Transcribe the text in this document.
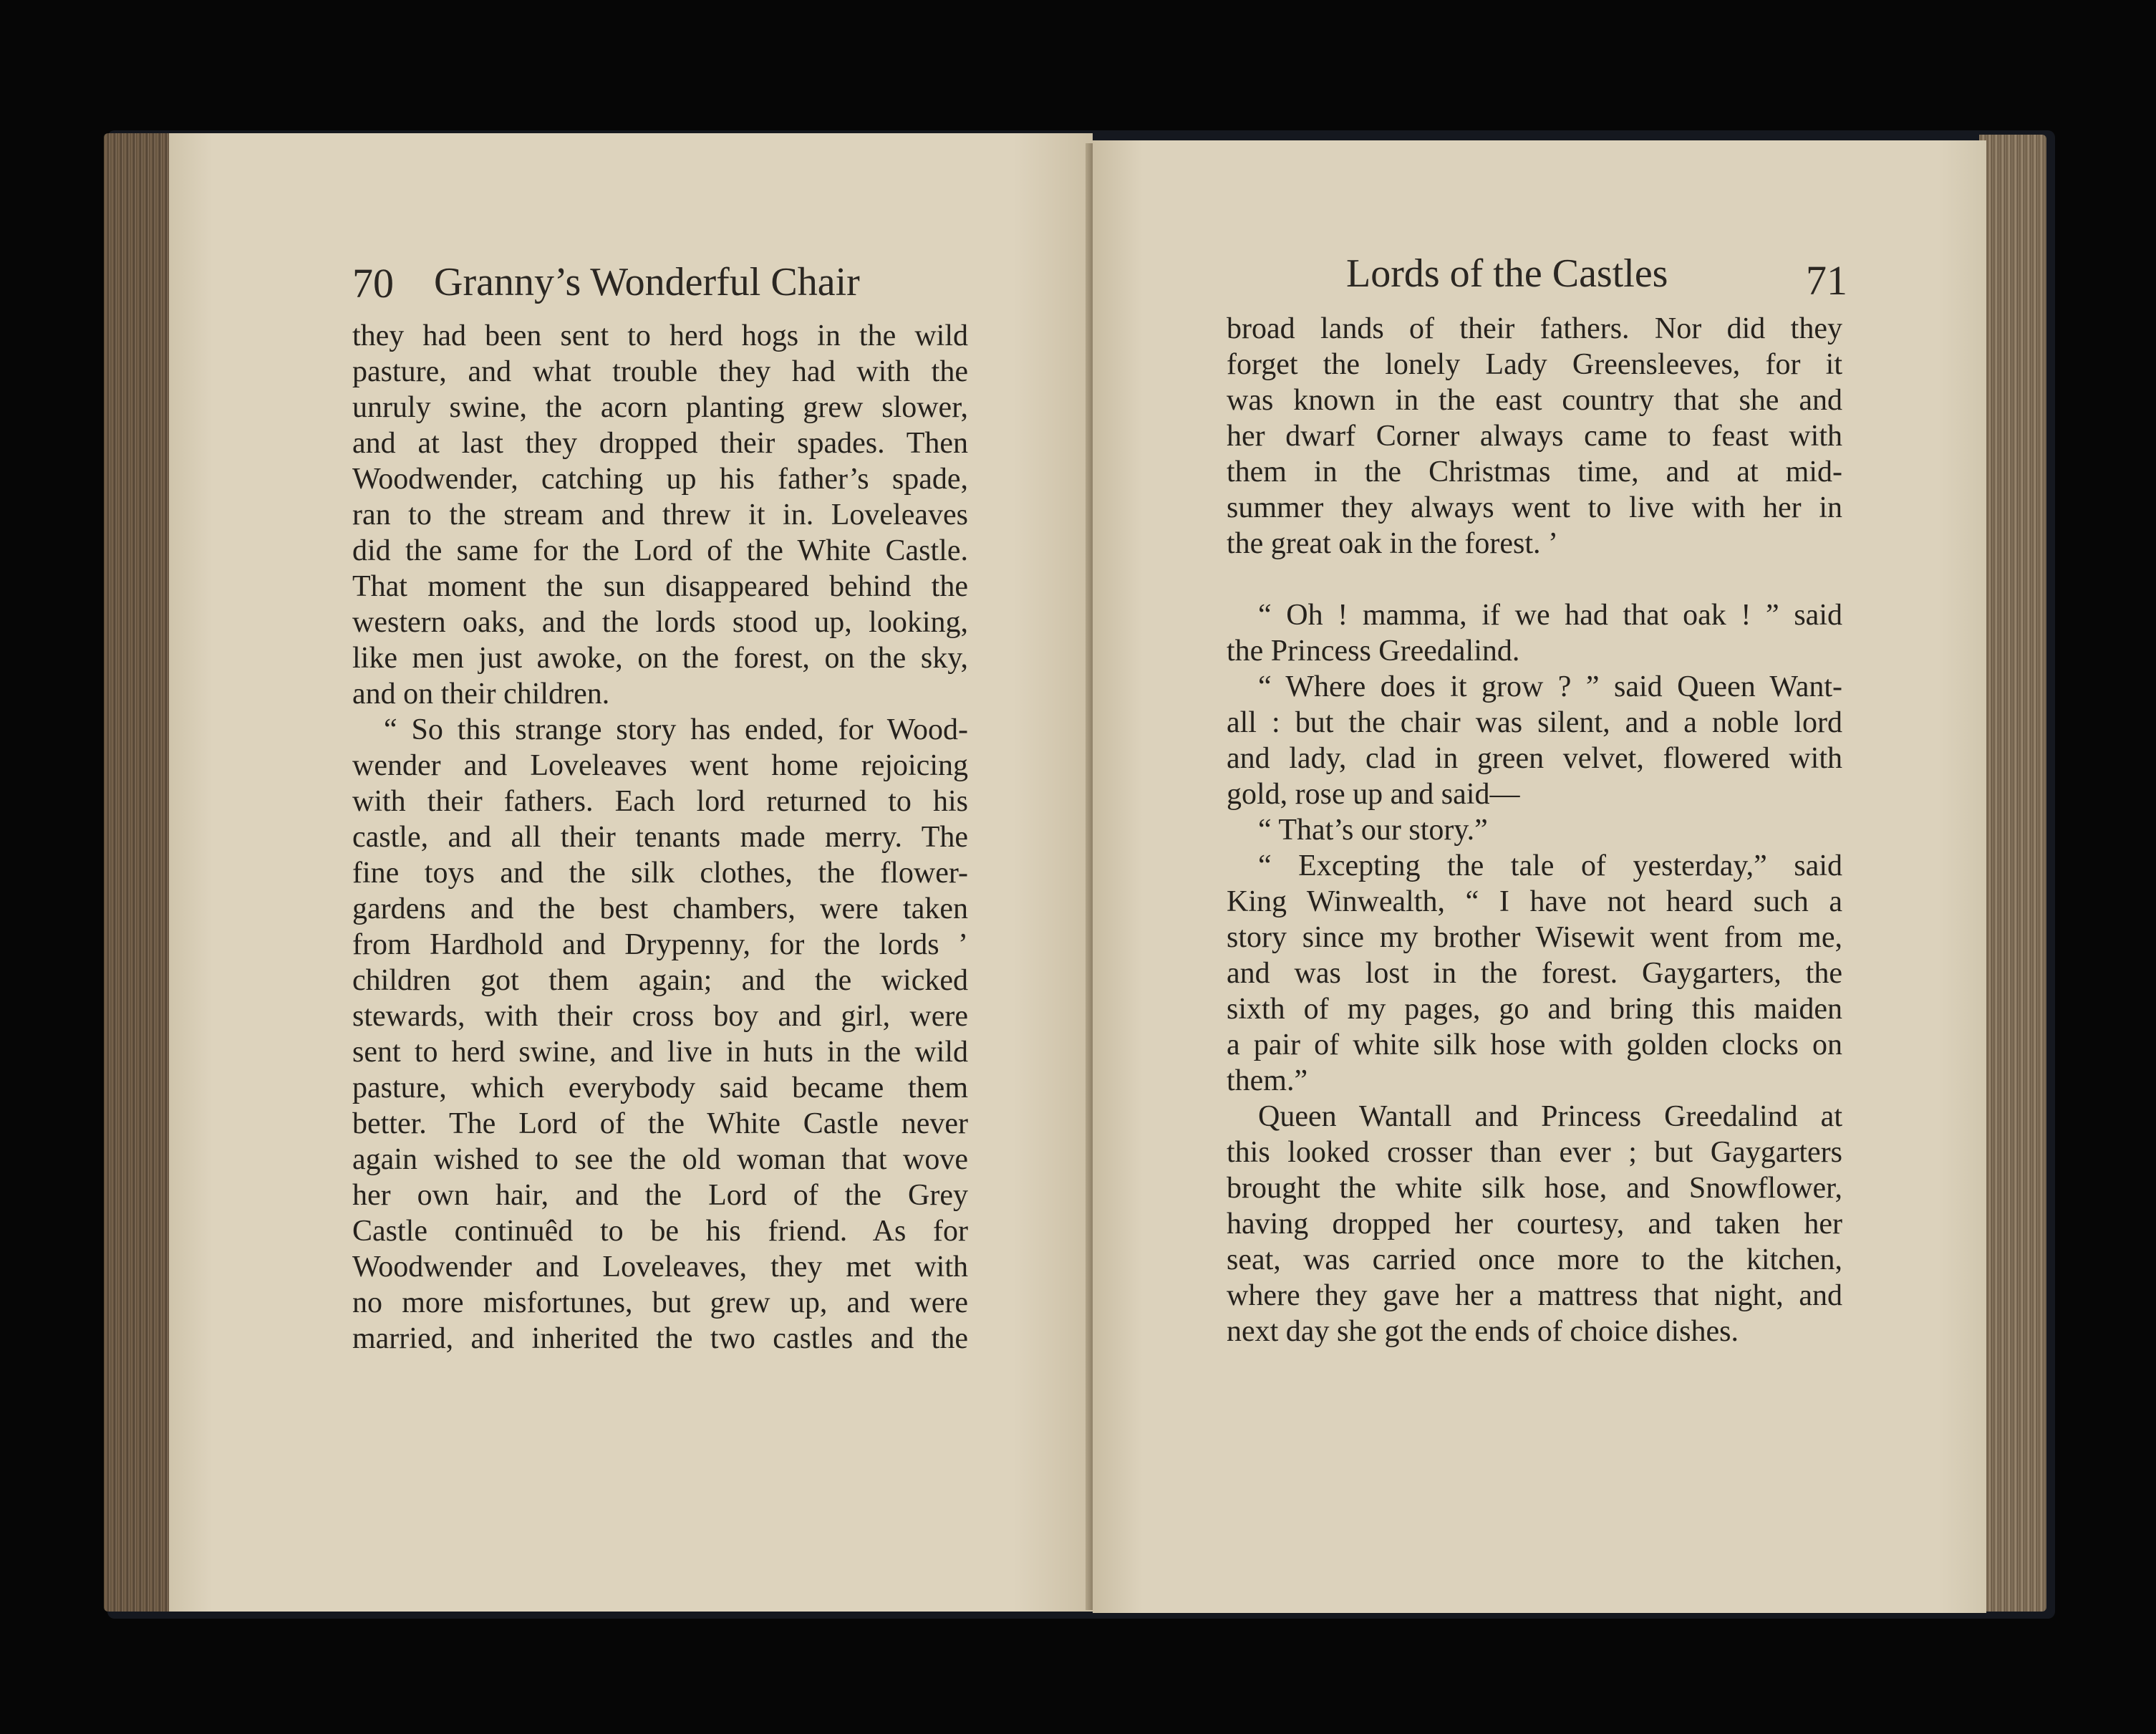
70 Granny’s Wonderful Chair
they had been sent to herd hogs in the wild
pasture, and what trouble they had with the
unruly swine, the acorn planting grew slower,
and at last they dropped their spades. Then
Woodwender, catching up his father’s spade,
ran to the stream and threw it in. Loveleaves
did the same for the Lord of the White Castle.
That moment the sun disappeared behind the
western oaks, and the lords stood up, looking,
like men just awoke, on the forest, on the sky,
and on their children.
“ So this strange story has ended, for Wood-
wender and Loveleaves went home rejoicing
with their fathers. Each lord returned to his
castle, and all their tenants made merry. The
fine toys and the silk clothes, the flower-
gardens and the best chambers, were taken
from Hardhold and Drypenny, for the lords ’
children got them again; and the wicked
stewards, with their cross boy and girl, were
sent to herd swine, and live in huts in the wild
pasture, which everybody said became them
better. The Lord of the White Castle never
again wished to see the old woman that wove
her own hair, and the Lord of the Grey
Castle continuêd to be his friend. As for
Woodwender and Loveleaves, they met with
no more misfortunes, but grew up, and were
married, and inherited the two castles and the
Lords of the Castles	71
broad lands of their fathers. Nor did they
forget the lonely Lady Greensleeves, for it
was known in the east country that she and
her dwarf Corner always came to feast with
them in the Christmas time, and at mid-
summer they always went to live with her in
the great oak in the forest. ’
“ Oh ! mamma, if we had that oak ! ” said
the Princess Greedalind.
“ Where does it grow ? ” said Queen Want-
all : but the chair was silent, and a noble lord
and lady, clad in green velvet, flowered with
gold, rose up and said—
“ That’s our story.”
“ Excepting the tale of yesterday,” said
King Winwealth, “ I have not heard such a
story since my brother Wisewit went from me,
and was lost in the forest. Gaygarters, the
sixth of my pages, go and bring this maiden
a pair of white silk hose with golden clocks on
them.”
Queen Wantall and Princess Greedalind at
this looked crosser than ever ; but Gaygarters
brought the white silk hose, and Snowflower,
having dropped her courtesy, and taken her
seat, was carried once more to the kitchen,
where they gave her a mattress that night, and
next day she got the ends of choice dishes.
